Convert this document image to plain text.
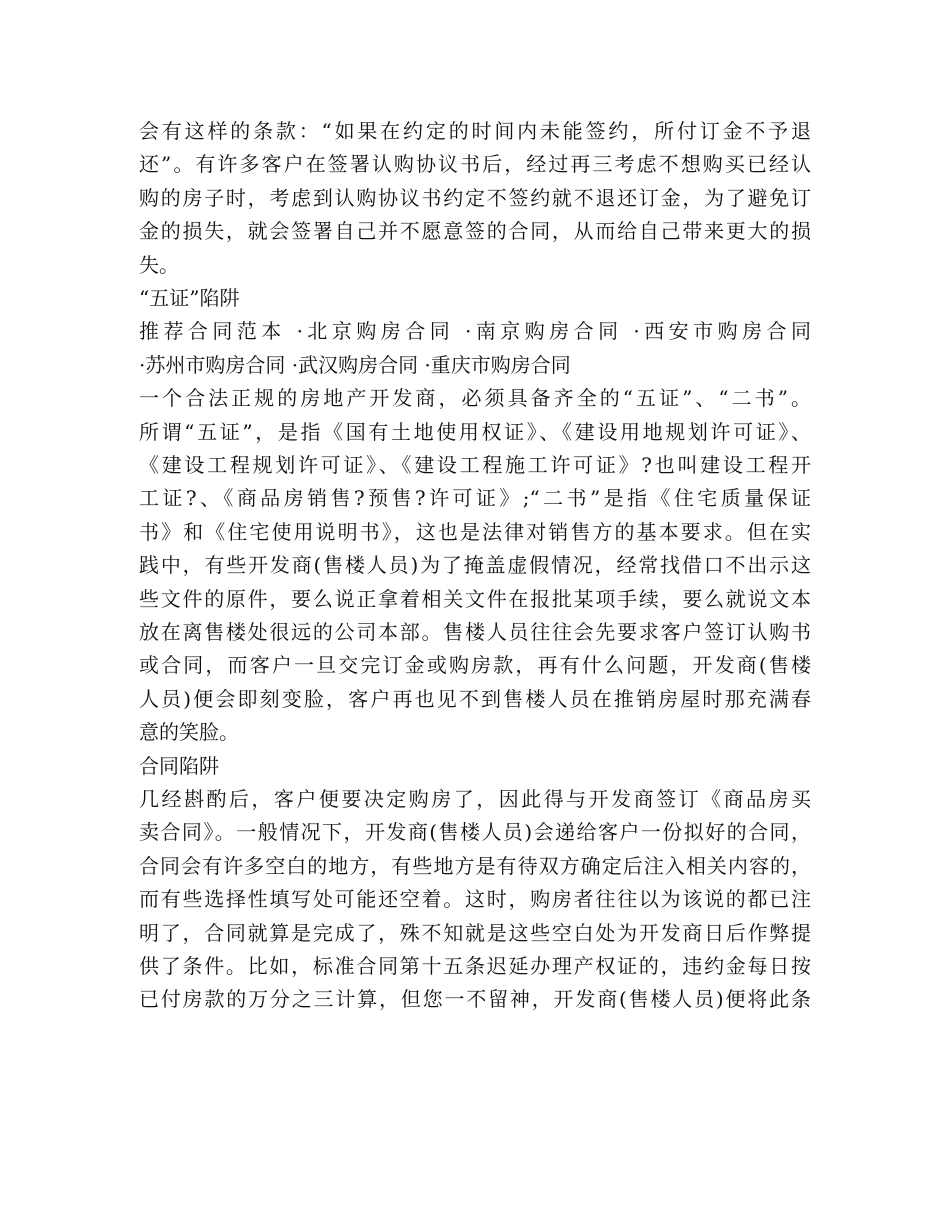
会有这样的条款：“如果在约定的时间内未能签约，所付订金不予退
还”。有许多客户在签署认购协议书后，经过再三考虑不想购买已经认
购的房子时，考虑到认购协议书约定不签约就不退还订金，为了避免订
金的损失，就会签署自己并不愿意签的合同，从而给自己带来更大的损
失。
“五证”陷阱
推荐合同范本 ·北京购房合同 ·南京购房合同 ·西安市购房合同
·苏州市购房合同 ·武汉购房合同 ·重庆市购房合同
一个合法正规的房地产开发商，必须具备齐全的“五证”、“二书”。
所谓“五证”，是指《国有土地使用权证》、《建设用地规划许可证》、
《建设工程规划许可证》、《建设工程施工许可证》?也叫建设工程开
工证?、《商品房销售?预售?许可证》;“二书”是指《住宅质量保证
书》和《住宅使用说明书》，这也是法律对销售方的基本要求。但在实
践中，有些开发商(售楼人员)为了掩盖虚假情况，经常找借口不出示这
些文件的原件，要么说正拿着相关文件在报批某项手续，要么就说文本
放在离售楼处很远的公司本部。售楼人员往往会先要求客户签订认购书
或合同，而客户一旦交完订金或购房款，再有什么问题，开发商(售楼
人员)便会即刻变脸，客户再也见不到售楼人员在推销房屋时那充满春
意的笑脸。
合同陷阱
几经斟酌后，客户便要决定购房了，因此得与开发商签订《商品房买
卖合同》。一般情况下，开发商(售楼人员)会递给客户一份拟好的合同，
合同会有许多空白的地方，有些地方是有待双方确定后注入相关内容的，
而有些选择性填写处可能还空着。这时，购房者往往以为该说的都已注
明了，合同就算是完成了，殊不知就是这些空白处为开发商日后作弊提
供了条件。比如，标准合同第十五条迟延办理产权证的，违约金每日按
已付房款的万分之三计算，但您一不留神，开发商(售楼人员)便将此条
